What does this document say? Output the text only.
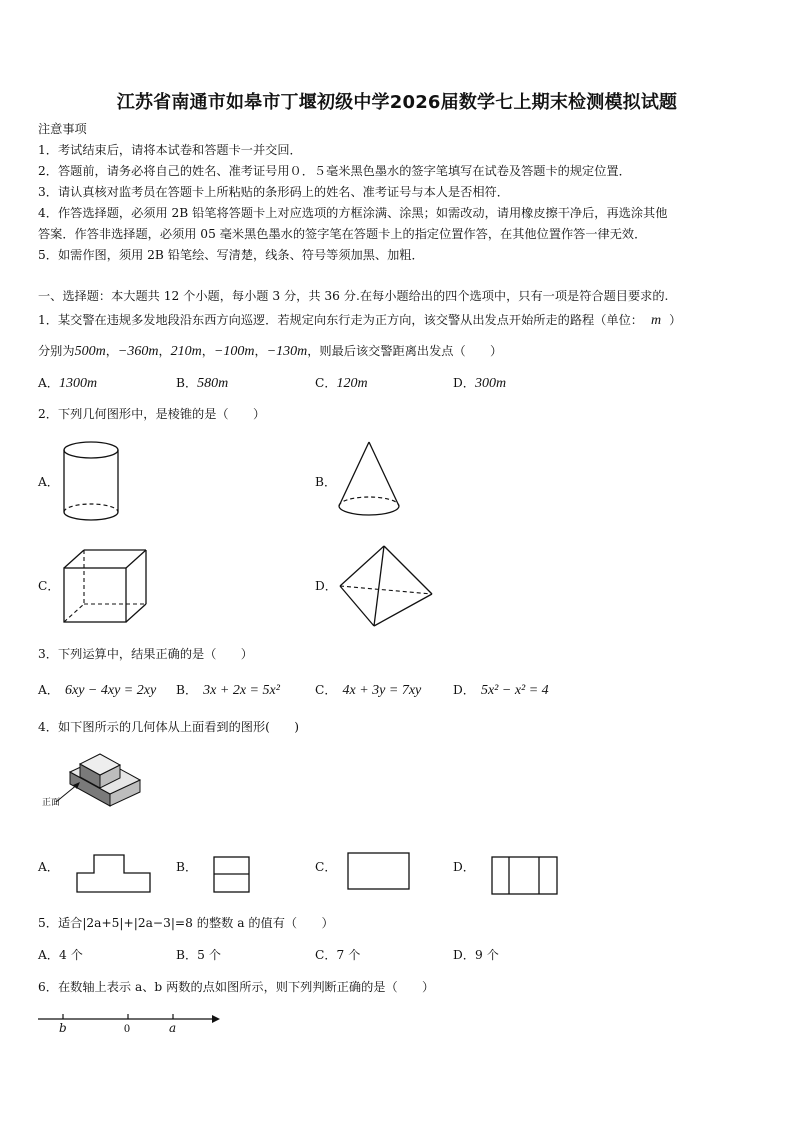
江苏省南通市如皋市丁堰初级中学2026届数学七上期末检测模拟试题
注意事项
1．考试结束后，请将本试卷和答题卡一并交回．
2．答题前，请务必将自己的姓名、准考证号用０．５毫米黑色墨水的签字笔填写在试卷及答题卡的规定位置．
3．请认真核对监考员在答题卡上所粘贴的条形码上的姓名、准考证号与本人是否相符．
4．作答选择题，必须用 2B 铅笔将答题卡上对应选项的方框涂满、涂黑；如需改动，请用橡皮擦干净后，再选涂其他
答案．作答非选择题，必须用 05 毫米黑色墨水的签字笔在答题卡上的指定位置作答，在其他位置作答一律无效．
5．如需作图，须用 2B 铅笔绘、写清楚，线条、符号等须加黑、加粗．
一、选择题：本大题共 12 个小题，每小题 3 分，共 36 分.在每小题给出的四个选项中，只有一项是符合题目要求的.
1．某交警在违规多发地段沿东西方向巡逻．若规定向东行走为正方向，该交警从出发点开始所走的路程（单位： m ）
分别为500m，−360m，210m，−100m，−130m，则最后该交警距离出发点（　　）
A．1300m	B．580m	C．120m	D．300m
2．下列几何图形中，是棱锥的是（　　）
A．	B．
C．	D．
3．下列运算中，结果正确的是（　　）
A． 6xy − 4xy = 2xy B． 3x + 2x = 5x²	C． 4x + 3y = 7xy	D． 5x² − x² = 4
4．如下图所示的几何体从上面看到的图形(　　)
正面
A．	B．	C．	D．
5．适合|2a+5|+|2a−3|=8 的整数 a 的值有（　　）
A．4 个	B．5 个	C．7 个	D．9 个
6．在数轴上表示 a、b 两数的点如图所示，则下列判断正确的是（　　）
b	0	a
